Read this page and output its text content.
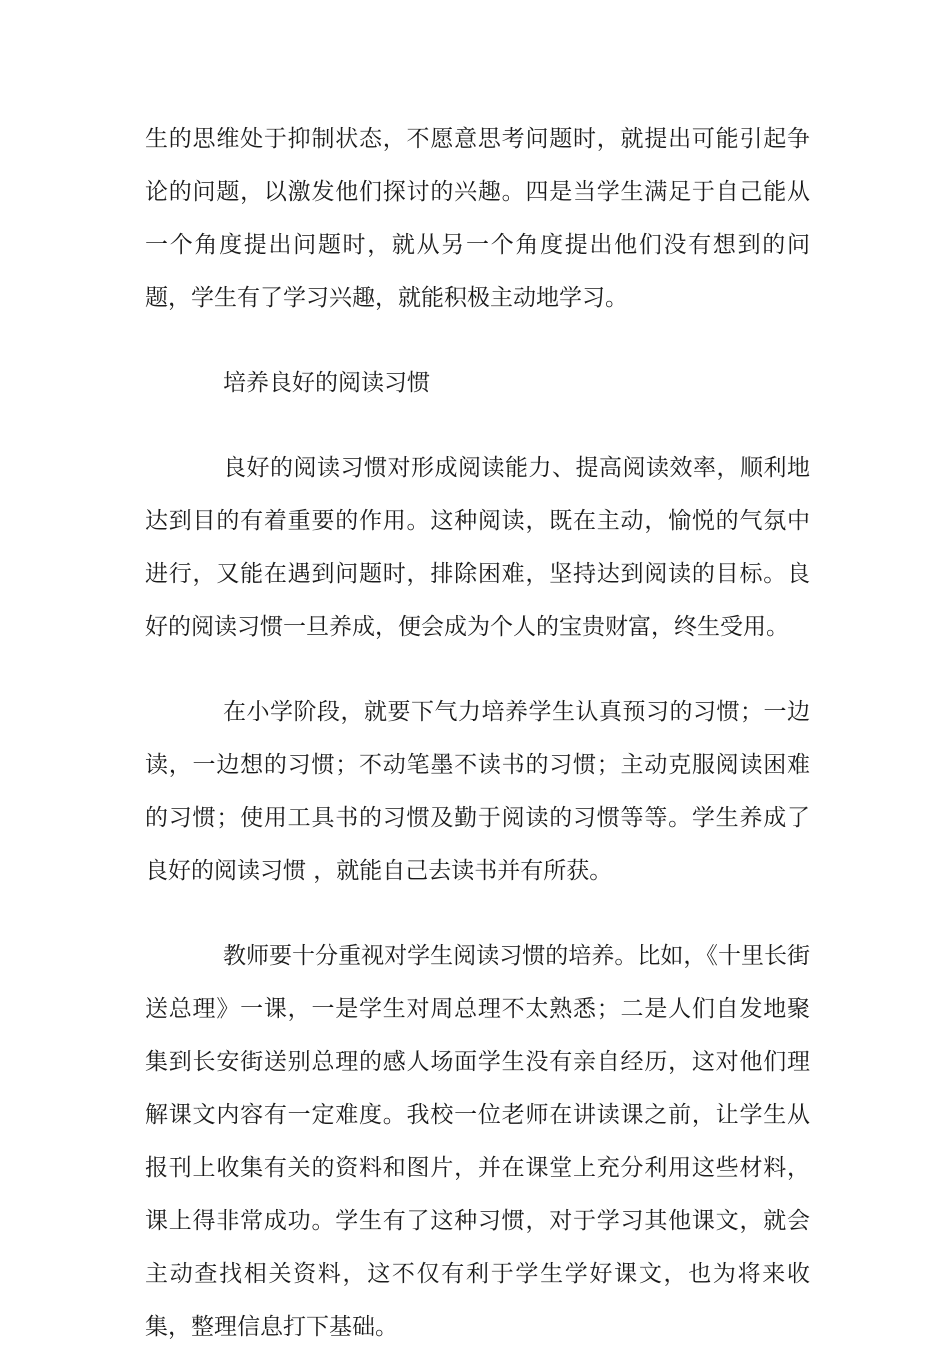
生的思维处于抑制状态，不愿意思考问题时，就提出可能引起争论的问题，以激发他们探讨的兴趣。四是当学生满足于自己能从一个角度提出问题时，就从另一个角度提出他们没有想到的问题，学生有了学习兴趣，就能积极主动地学习。

培养良好的阅读习惯

良好的阅读习惯对形成阅读能力、提高阅读效率，顺利地达到目的有着重要的作用。这种阅读，既在主动，愉悦的气氛中进行，又能在遇到问题时，排除困难，坚持达到阅读的目标。良好的阅读习惯一旦养成，便会成为个人的宝贵财富，终生受用。

在小学阶段，就要下气力培养学生认真预习的习惯；一边读，一边想的习惯；不动笔墨不读书的习惯；主动克服阅读困难的习惯；使用工具书的习惯及勤于阅读的习惯等等。学生养成了良好的阅读习惯 ，就能自己去读书并有所获。

教师要十分重视对学生阅读习惯的培养。比如，《十里长街送总理》一课，一是学生对周总理不太熟悉；二是人们自发地聚集到长安街送别总理的感人场面学生没有亲自经历，这对他们理解课文内容有一定难度。我校一位老师在讲读课之前，让学生从报刊上收集有关的资料和图片，并在课堂上充分利用这些材料，课上得非常成功。学生有了这种习惯，对于学习其他课文，就会主动查找相关资料，这不仅有利于学生学好课文，也为将来收集，整理信息打下基础。
